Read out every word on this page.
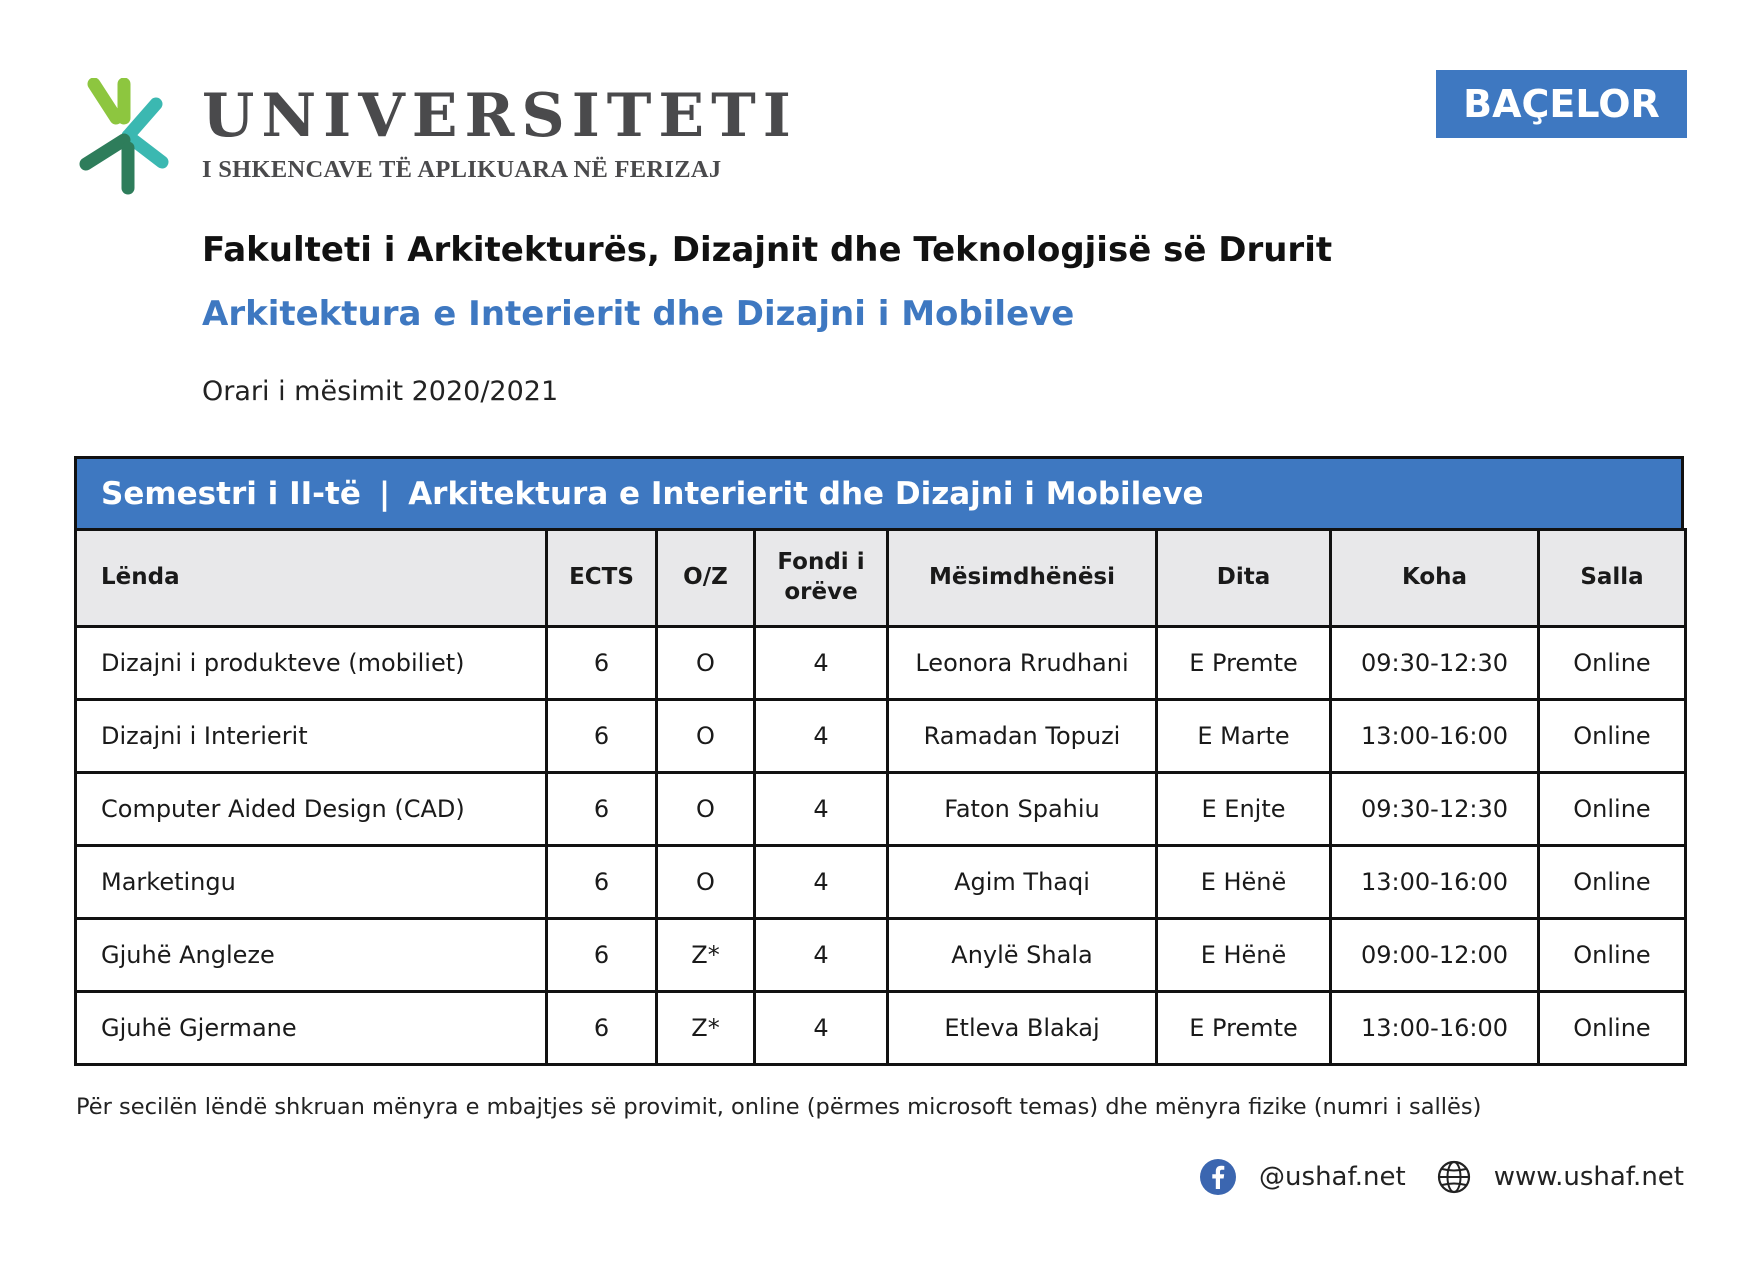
UNIVERSITETI
I SHKENCAVE TË APLIKUARA NË FERIZAJ
BAÇELOR
Fakulteti i Arkitekturës, Dizajnit dhe Teknologjisë së Drurit
Arkitektura e Interierit dhe Dizajni i Mobileve
Orari i mësimit 2020/2021
Semestri i II-të | Arkitektura e Interierit dhe Dizajni i Mobileve
Lënda	ECTS	O/Z	Fondi i orëve	Mësimdhënësi	Dita	Koha	Salla
Dizajni i produkteve (mobiliet)	6	O	4	Leonora Rrudhani	E Premte	09:30-12:30	Online
Dizajni i Interierit	6	O	4	Ramadan Topuzi	E Marte	13:00-16:00	Online
Computer Aided Design (CAD)	6	O	4	Faton Spahiu	E Enjte	09:30-12:30	Online
Marketingu	6	O	4	Agim Thaqi	E Hënë	13:00-16:00	Online
Gjuhë Angleze	6	Z*	4	Anylë Shala	E Hënë	09:00-12:00	Online
Gjuhë Gjermane	6	Z*	4	Etleva Blakaj	E Premte	13:00-16:00	Online
Për secilën lëndë shkruan mënyra e mbajtjes së provimit, online (përmes microsoft temas) dhe mënyra fizike (numri i sallës)
@ushaf.net	www.ushaf.net
